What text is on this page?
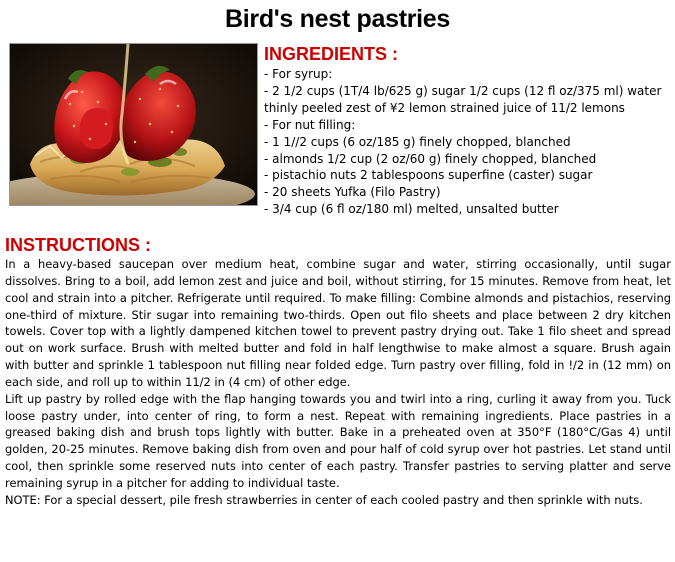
Bird's nest pastries
INGREDIENTS :
- For syrup:
- 2 1/2 cups (1T/4 lb/625 g) sugar 1/2 cups (12 fl oz/375 ml) water thinly peeled zest of ¥2 lemon strained juice of 11/2 lemons
- For nut filling:
- 1 1//2 cups (6 oz/185 g) finely chopped, blanched
- almonds 1/2 cup (2 oz/60 g) finely chopped, blanched
- pistachio nuts 2 tablespoons superfine (caster) sugar
- 20 sheets Yufka (Filo Pastry)
- 3/4 cup (6 fl oz/180 ml) melted, unsalted butter
INSTRUCTIONS :

In a heavy-based saucepan over medium heat, combine sugar and water, stirring occasionally, until sugar dissolves. Bring to a boil, add lemon zest and juice and boil, without stirring, for 15 minutes. Remove from heat, let cool and strain into a pitcher. Refrigerate until required. To make filling: Combine almonds and pistachios, reserving one-third of mixture. Stir sugar into remaining two-thirds. Open out filo sheets and place between 2 dry kitchen towels. Cover top with a lightly dampened kitchen towel to prevent pastry drying out. Take 1 filo sheet and spread out on work surface. Brush with melted butter and fold in half lengthwise to make almost a square. Brush again with butter and sprinkle 1 tablespoon nut filling near folded edge. Turn pastry over filling, fold in !/2 in (12 mm) on each side, and roll up to within 11/2 in (4 cm) of other edge.

Lift up pastry by rolled edge with the flap hanging towards you and twirl into a ring, curling it away from you. Tuck loose pastry under, into center of ring, to form a nest. Repeat with remaining ingredients. Place pastries in a greased baking dish and brush tops lightly with butter. Bake in a preheated oven at 350°F (180°C/Gas 4) until golden, 20-25 minutes. Remove baking dish from oven and pour half of cold syrup over hot pastries. Let stand until cool, then sprinkle some reserved nuts into center of each pastry. Transfer pastries to serving platter and serve remaining syrup in a pitcher for adding to individual taste.

NOTE: For a special dessert, pile fresh strawberries in center of each cooled pastry and then sprinkle with nuts.
